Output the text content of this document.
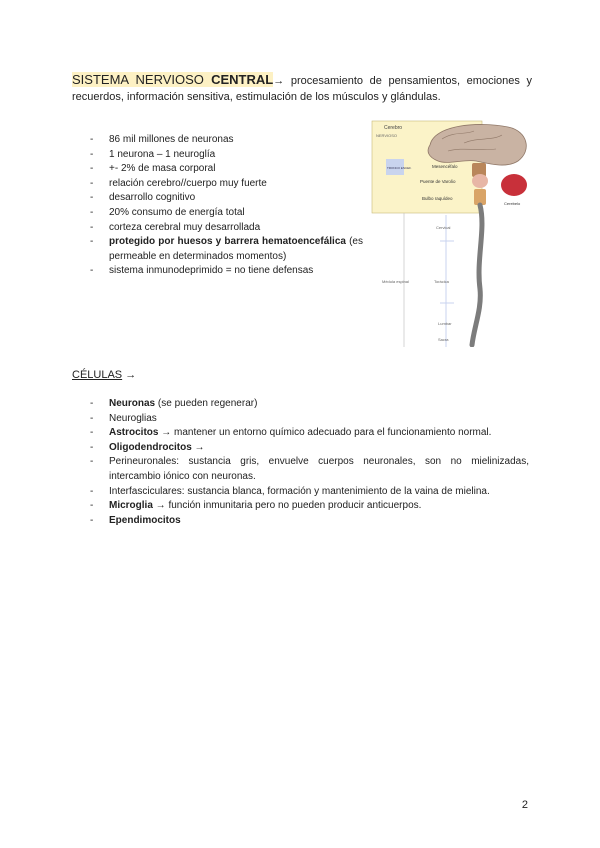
SISTEMA NERVIOSO CENTRAL→ procesamiento de pensamientos, emociones y recuerdos, información sensitiva, estimulación de los músculos y glándulas.
- 86 mil millones de neuronas
- 1 neurona – 1 neuroglía
- +- 2% de masa corporal
- relación cerebro//cuerpo muy fuerte
- desarrollo cognitivo
- 20% consumo de energía total
- corteza cerebral muy desarrollada
- protegido por huesos y barrera hematoencefálica (es permeable en determinados momentos)
- sistema inmunodeprimido = no tiene defensas
Cerebro
NERVIOSO
TRONCO ENCEF.	Mesencéfalo
Puente de Varolio
Bulbo raquídeo
Cerebelo
Cervical
Médula espinal	Torácica
Lumbar
Sacra
CÉLULAS →
- Neuronas (se pueden regenerar)
- Neuroglias
- Astrocitos → mantener un entorno químico adecuado para el funcionamiento normal.
- Oligodendrocitos →
- Perineuronales: sustancia gris, envuelve cuerpos neuronales, son no mielinizadas, intercambio iónico con neuronas.
- Interfasciculares: sustancia blanca, formación y mantenimiento de la vaina de mielina.
- Microglia → función inmunitaria pero no pueden producir anticuerpos.
- Ependimocitos
2
